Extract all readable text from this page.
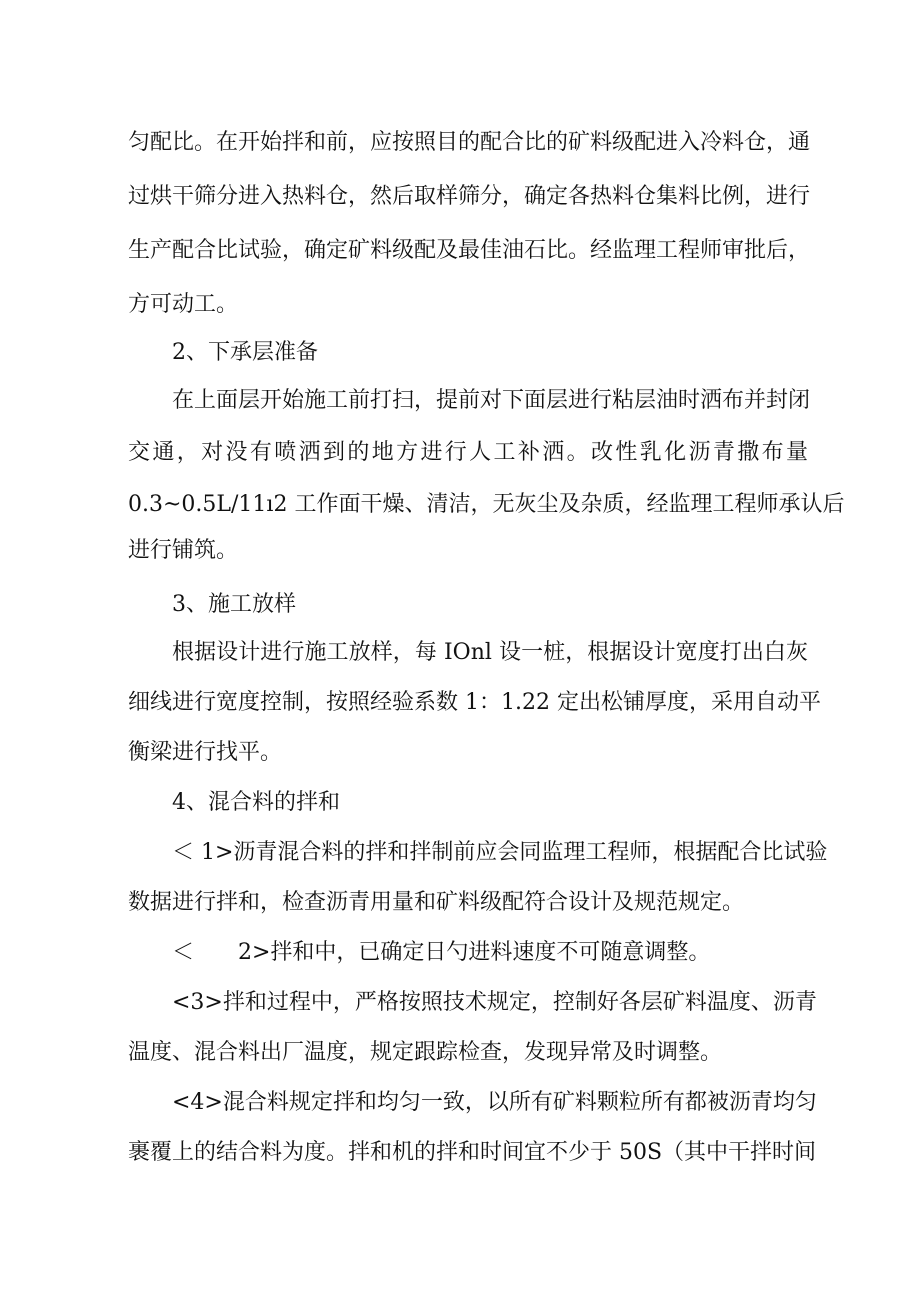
匀配比。在开始拌和前，应按照目的配合比的矿料级配进入冷料仓，通
过烘干筛分进入热料仓，然后取样筛分，确定各热料仓集料比例，进行
生产配合比试验，确定矿料级配及最佳油石比。经监理工程师审批后，
方可动工。
2、下承层准备
在上面层开始施工前打扫，提前对下面层进行粘层油时洒布并封闭
交通，对没有喷洒到的地方进行人工补洒。改性乳化沥青撒布量
0.3~0.5L/11ı2 工作面干燥、清洁，无灰尘及杂质，经监理工程师承认后
进行铺筑。
3、施工放样
根据设计进行施工放样，每 IOnl 设一桩，根据设计宽度打出白灰
细线进行宽度控制，按照经验系数 1：1.22 定出松铺厚度，采用自动平
衡梁进行找平。
4、混合料的拌和
＜ 1>沥青混合料的拌和拌制前应会同监理工程师，根据配合比试验
数据进行拌和，检查沥青用量和矿料级配符合设计及规范规定。
＜　　2>拌和中，已确定日勺进料速度不可随意调整。
<3>拌和过程中，严格按照技术规定，控制好各层矿料温度、沥青
温度、混合料出厂温度，规定跟踪检查，发现异常及时调整。
<4>混合料规定拌和均匀一致，以所有矿料颗粒所有都被沥青均匀
裹覆上的结合料为度。拌和机的拌和时间宜不少于 50S（其中干拌时间
